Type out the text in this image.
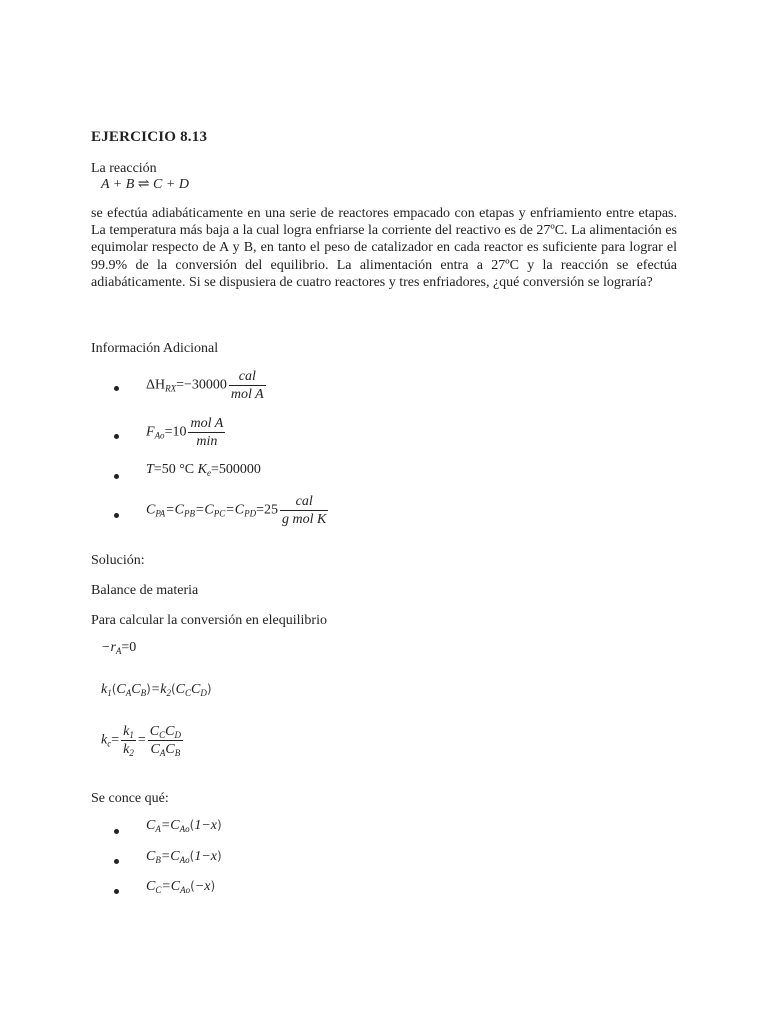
EJERCICIO 8.13
La reacción
A + B ⇌ C + D
se efectúa adiabáticamente en una serie de reactores empacado con etapas y enfriamiento entre etapas. La temperatura más baja a la cual logra enfriarse la corriente del reactivo es de 27ºC. La alimentación es equimolar respecto de A y B, en tanto el peso de catalizador en cada reactor es suficiente para lograr el 99.9% de la conversión del equilibrio. La alimentación entra a 27ºC y la reacción se efectúa adiabáticamente. Si se dispusiera de cuatro reactores y tres enfriadores, ¿qué conversión se lograría?
Información Adicional
$\Delta H_{RX}=-30000 \frac{\text{cal}}{\text{mol A}}$
$F_{Ao}=10 \frac{\text{mol A}}{\min}$
T=50 °C $K_e=500000$
$C_{PA}=C_{PB}=C_{PC}=C_{PD}=25 \frac{\text{cal}}{\text{g mol K}}$
Solución:
Balance de materia
Para calcular la conversión en elequilibrio
$-r_A=0$
$k_1(C_AC_B)=k_2(C_CC_D)$
$k_c= \frac{k_1}{k_2} = \frac{C_CC_D}{C_AC_B}$
Se conce qué:
$C_A=C_{Ao}(1-x)$
$C_B=C_{Ao}(1-x)$
$C_C=C_{Ao}(-x)$
